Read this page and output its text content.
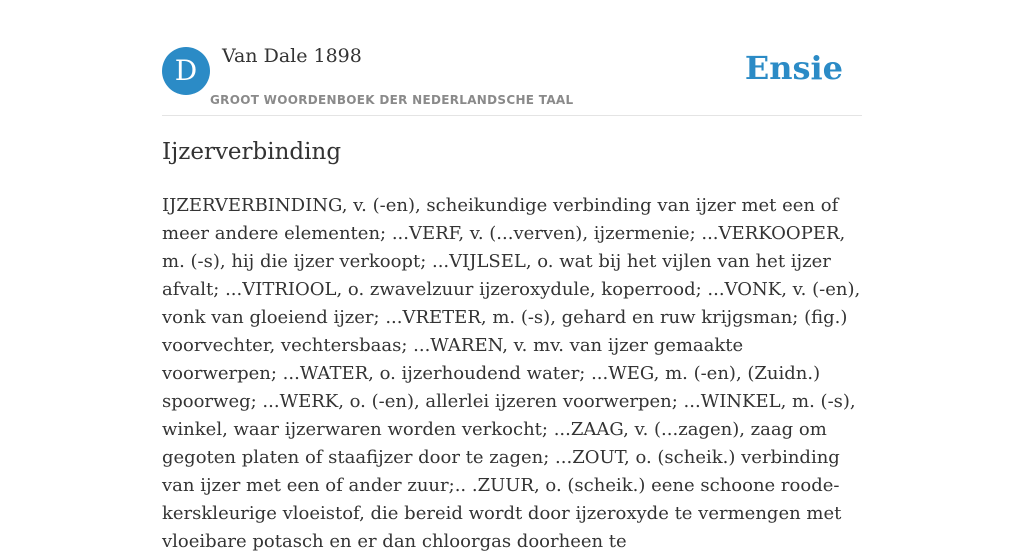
D	Van Dale 1898
GROOT WOORDENBOEK DER NEDERLANDSCHE TAAL
Ensie
Ijzerverbinding

IJZERVERBINDING, v. (-en), scheikundige verbinding van ijzer met een of meer andere elementen; ...VERF, v. (...verven), ijzermenie; ...VERKOOPER, m. (-s), hij die ijzer verkoopt; ...VIJLSEL, o. wat bij het vijlen van het ijzer afvalt; ...VITRIOOL, o. zwavelzuur ijzeroxydule, koperrood; ...VONK, v. (-en), vonk van gloeiend ijzer; ...VRETER, m. (-s), gehard en ruw krijgsman; (fig.) voorvechter, vechtersbaas; ...WAREN, v. mv. van ijzer gemaakte voorwerpen; ...WATER, o. ijzerhoudend water; ...WEG, m. (-en), (Zuidn.) spoorweg; ...WERK, o. (-en), allerlei ijzeren voorwerpen; ...WINKEL, m. (-s), winkel, waar ijzerwaren worden verkocht; ...ZAAG, v. (...zagen), zaag om gegoten platen of staafijzer door te zagen; ...ZOUT, o. (scheik.) verbinding van ijzer met een of ander zuur;.. .ZUUR, o. (scheik.) eene schoone roode-kerskleurige vloeistof, die bereid wordt door ijzeroxyde te vermengen met vloeibare potasch en er dan chloorgas doorheen te
